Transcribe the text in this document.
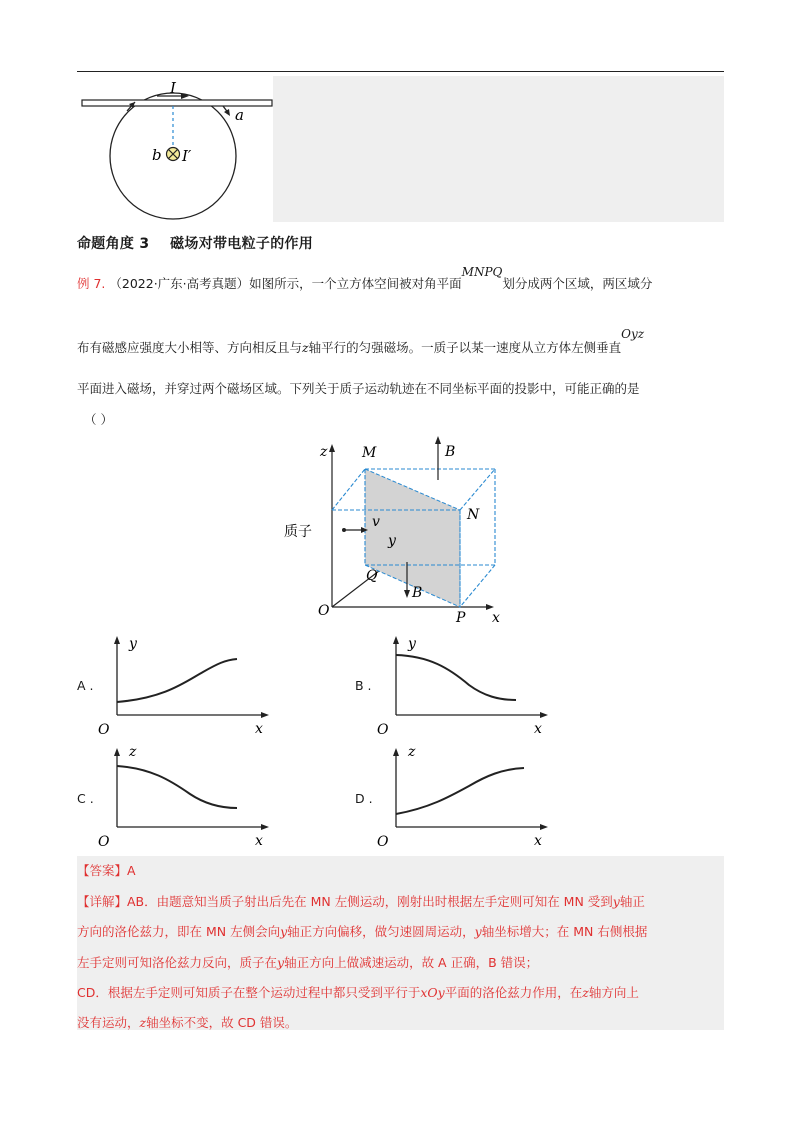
I
a
b I′
命题角度 3    磁场对带电粒子的作用
例 7. （2022·广东·高考真题）如图所示，一个立方体空间被对角平面MNPQ划分成两个区域，两区域分
布有磁感应强度大小相等、方向相反且与z轴平行的匀强磁场。一质子以某一速度从立方体左侧垂直Oyz
平面进入磁场，并穿过两个磁场区域。下列关于质子运动轨迹在不同坐标平面的投影中，可能正确的是
（ ）
z
x
O
M
N
P
Q
B
B
v
y
质子
A .
y
x
O
B .
y
x
O
C .
z
x
O
D .
z
x
O
【答案】A
【详解】AB．由题意知当质子射出后先在 MN 左侧运动，刚射出时根据左手定则可知在 MN 受到y轴正
方向的洛伦兹力，即在 MN 左侧会向y轴正方向偏移，做匀速圆周运动，y轴坐标增大；在 MN 右侧根据
左手定则可知洛伦兹力反向，质子在y轴正方向上做减速运动，故 A 正确，B 错误；
CD．根据左手定则可知质子在整个运动过程中都只受到平行于xOy平面的洛伦兹力作用，在z轴方向上
没有运动，z轴坐标不变，故 CD 错误。
